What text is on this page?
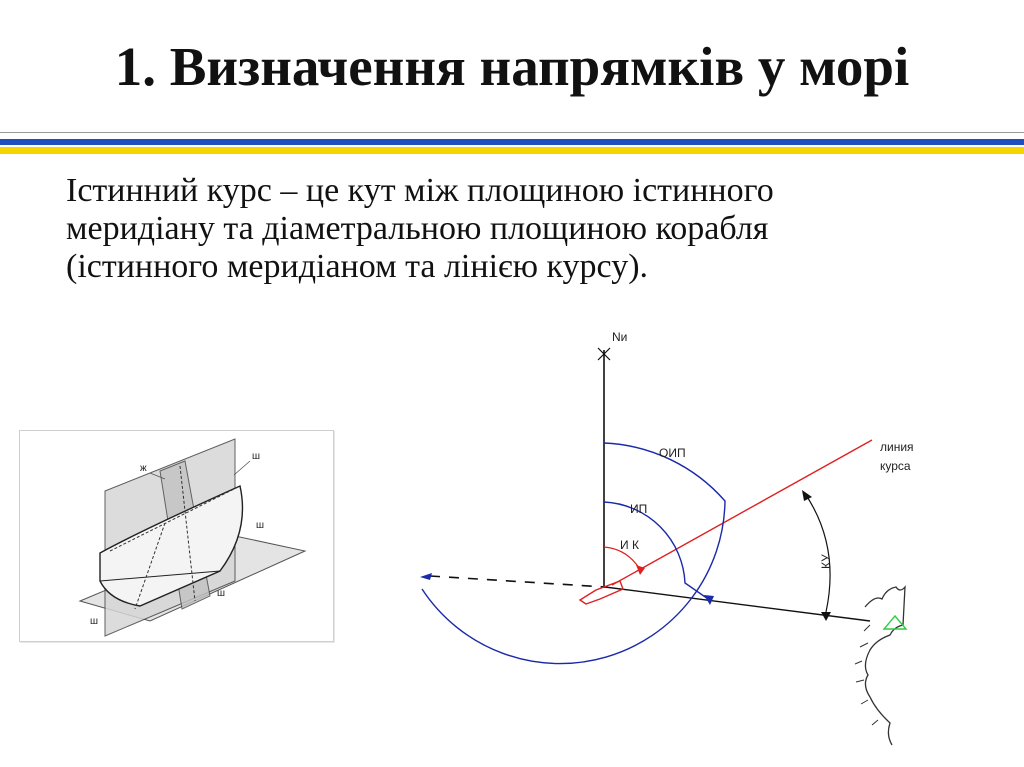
1. Визначення напрямків у морі
Істинний курс – це кут між площиною істинного
меридіану та діаметральною площиною корабля
(істинного меридіаном та лінією курсу).
ш
ж
ш
ш
ш
Nи
линия
курса
ОИП
ИП
И К
КУ
